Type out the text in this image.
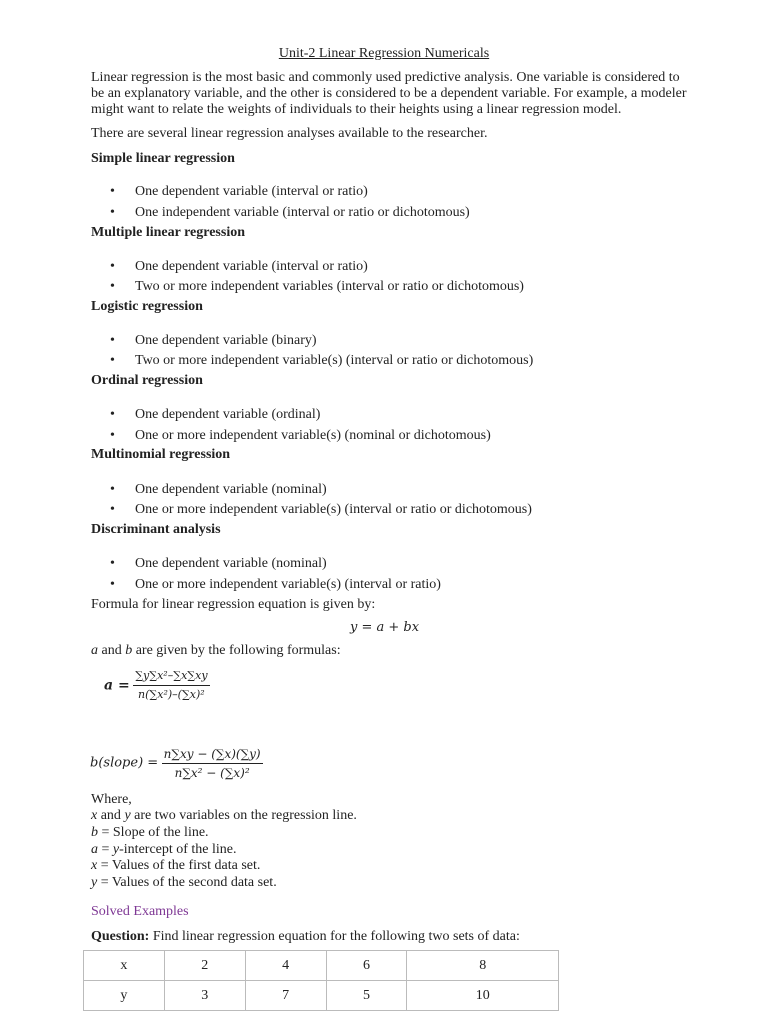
Unit-2 Linear Regression Numericals
Linear regression is the most basic and commonly used predictive analysis. One variable is considered to be an explanatory variable, and the other is considered to be a dependent variable. For example, a modeler might want to relate the weights of individuals to their heights using a linear regression model.
There are several linear regression analyses available to the researcher.
Simple linear regression
• One dependent variable (interval or ratio)
• One independent variable (interval or ratio or dichotomous)
Multiple linear regression
• One dependent variable (interval or ratio)
• Two or more independent variables (interval or ratio or dichotomous)
Logistic regression
• One dependent variable (binary)
• Two or more independent variable(s) (interval or ratio or dichotomous)
Ordinal regression
• One dependent variable (ordinal)
• One or more independent variable(s) (nominal or dichotomous)
Multinomial regression
• One dependent variable (nominal)
• One or more independent variable(s) (interval or ratio or dichotomous)
Discriminant analysis
• One dependent variable (nominal)
• One or more independent variable(s) (interval or ratio)
Formula for linear regression equation is given by:
y = a + bx
a and b are given by the following formulas:
$a = \frac{\text{∑y∑x²–∑x∑xy}}{\text{n(∑x²)–(∑x)²}}$
b(slope) = $\frac{n\sum xy - (\sum x)(\sum y)}{\text{n∑x² − (∑x)²}}$
Where,
x and y are two variables on the regression line.
b = Slope of the line.
a = y-intercept of the line.
x = Values of the first data set.
y = Values of the second data set.
Solved Examples
Question: Find linear regression equation for the following two sets of data:
x	2	4	6	8
y	3	7	5	10
